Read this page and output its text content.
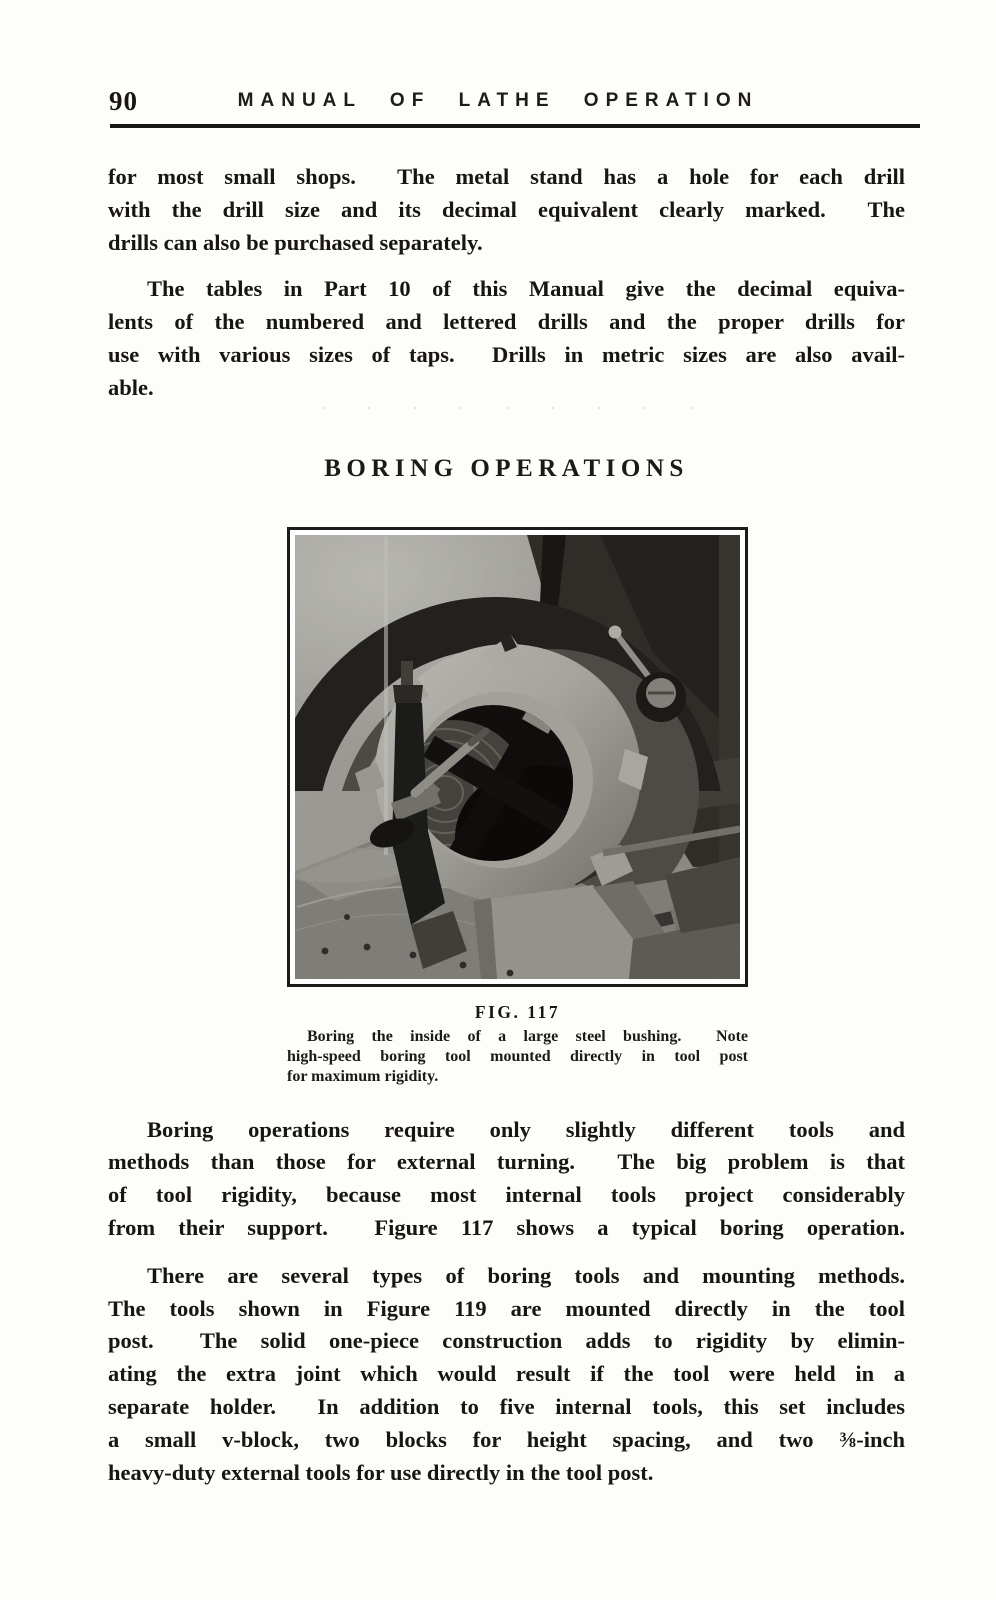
90	MANUAL OF LATHE OPERATION

for most small shops.  The metal stand has a hole for each drill
with the drill size and its decimal equivalent clearly marked.  The
drills can also be purchased separately.

The tables in Part 10 of this Manual give the decimal equiva-
lents of the numbered and lettered drills and the proper drills for
use with various sizes of taps.  Drills in metric sizes are also avail-
able.

BORING OPERATIONS
FIG. 117
Boring the inside of a large steel bushing.  Note
high-speed boring tool mounted directly in tool post
for maximum rigidity.

Boring operations require only slightly different tools and
methods than those for external turning.  The big problem is that
of tool rigidity, because most internal tools project considerably
from their support.  Figure 117 shows a typical boring operation.

There are several types of boring tools and mounting methods.
The tools shown in Figure 119 are mounted directly in the tool
post.  The solid one-piece construction adds to rigidity by elimin-
ating the extra joint which would result if the tool were held in a
separate holder.  In addition to five internal tools, this set includes
a small v-block, two blocks for height spacing, and two ⅜-inch
heavy-duty external tools for use directly in the tool post.
